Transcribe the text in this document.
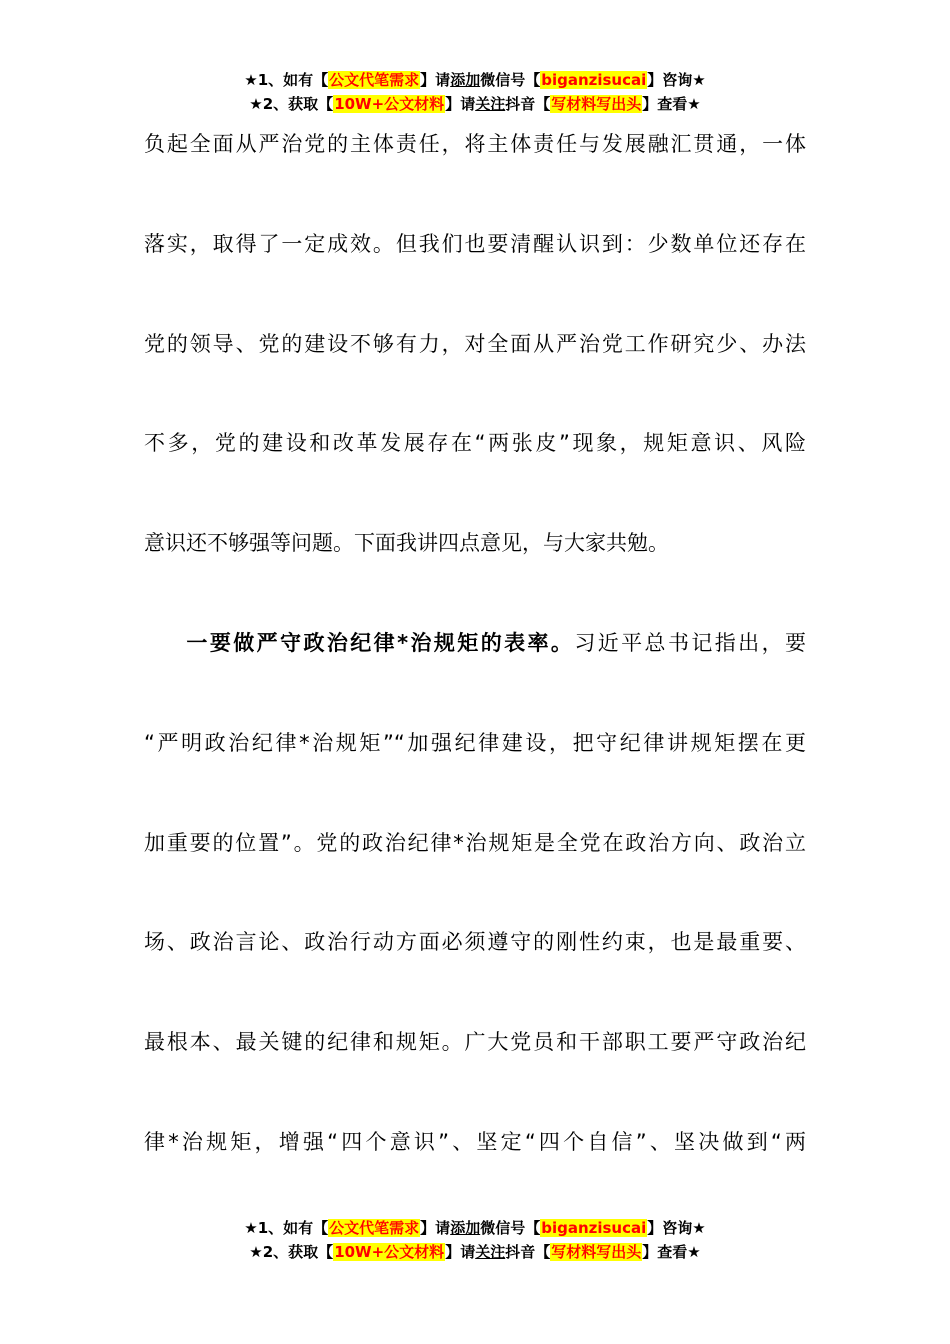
★1、如有【公文代笔需求】请添加微信号【biganzisucai】咨询★
★2、获取【10W+公文材料】请关注抖音【写材料写出头】查看★
负起全面从严治党的主体责任，将主体责任与发展融汇贯通，一体
落实，取得了一定成效。但我们也要清醒认识到：少数单位还存在
党的领导、党的建设不够有力，对全面从严治党工作研究少、办法
不多，党的建设和改革发展存在“两张皮”现象，规矩意识、风险
意识还不够强等问题。下面我讲四点意见，与大家共勉。
一要做严守政治纪律*治规矩的表率。习近平总书记指出，要
“严明政治纪律*治规矩”“加强纪律建设，把守纪律讲规矩摆在更
加重要的位置”。党的政治纪律*治规矩是全党在政治方向、政治立
场、政治言论、政治行动方面必须遵守的刚性约束，也是最重要、
最根本、最关键的纪律和规矩。广大党员和干部职工要严守政治纪
律*治规矩，增强“四个意识”、坚定“四个自信”、坚决做到“两
★1、如有【公文代笔需求】请添加微信号【biganzisucai】咨询★
★2、获取【10W+公文材料】请关注抖音【写材料写出头】查看★
